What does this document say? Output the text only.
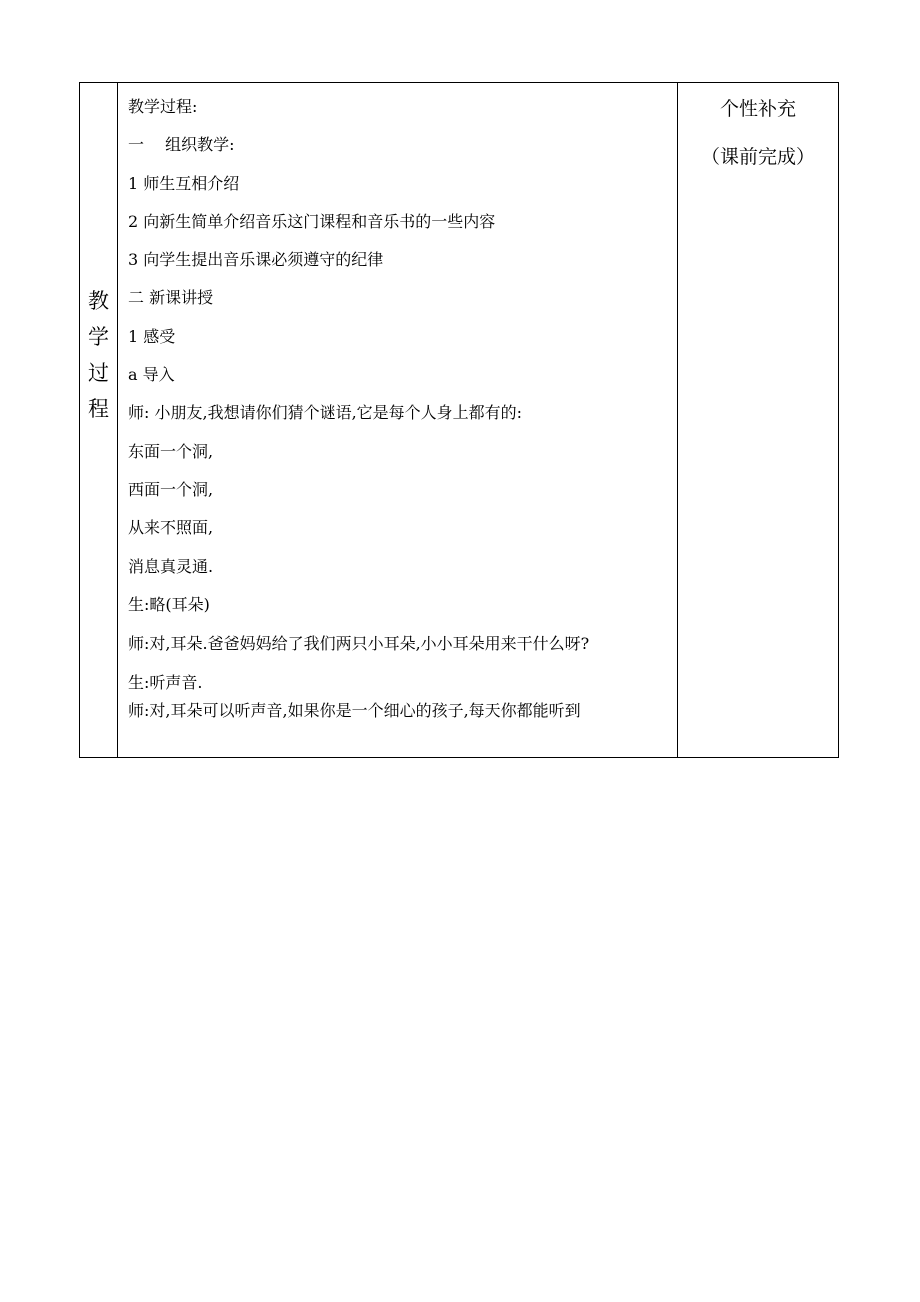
教
学
过
程
教学过程:
一　 组织教学:
1 师生互相介绍
2 向新生简单介绍音乐这门课程和音乐书的一些内容
3 向学生提出音乐课必须遵守的纪律
二 新课讲授
1 感受
a 导入
师: 小朋友,我想请你们猜个谜语,它是每个人身上都有的:
东面一个洞,
西面一个洞,
从来不照面,
消息真灵通.
生:略(耳朵)
师:对,耳朵.爸爸妈妈给了我们两只小耳朵,小小耳朵用来干什么呀?
生:听声音.
师:对,耳朵可以听声音,如果你是一个细心的孩子,每天你都能听到
个性补充
（课前完成）
